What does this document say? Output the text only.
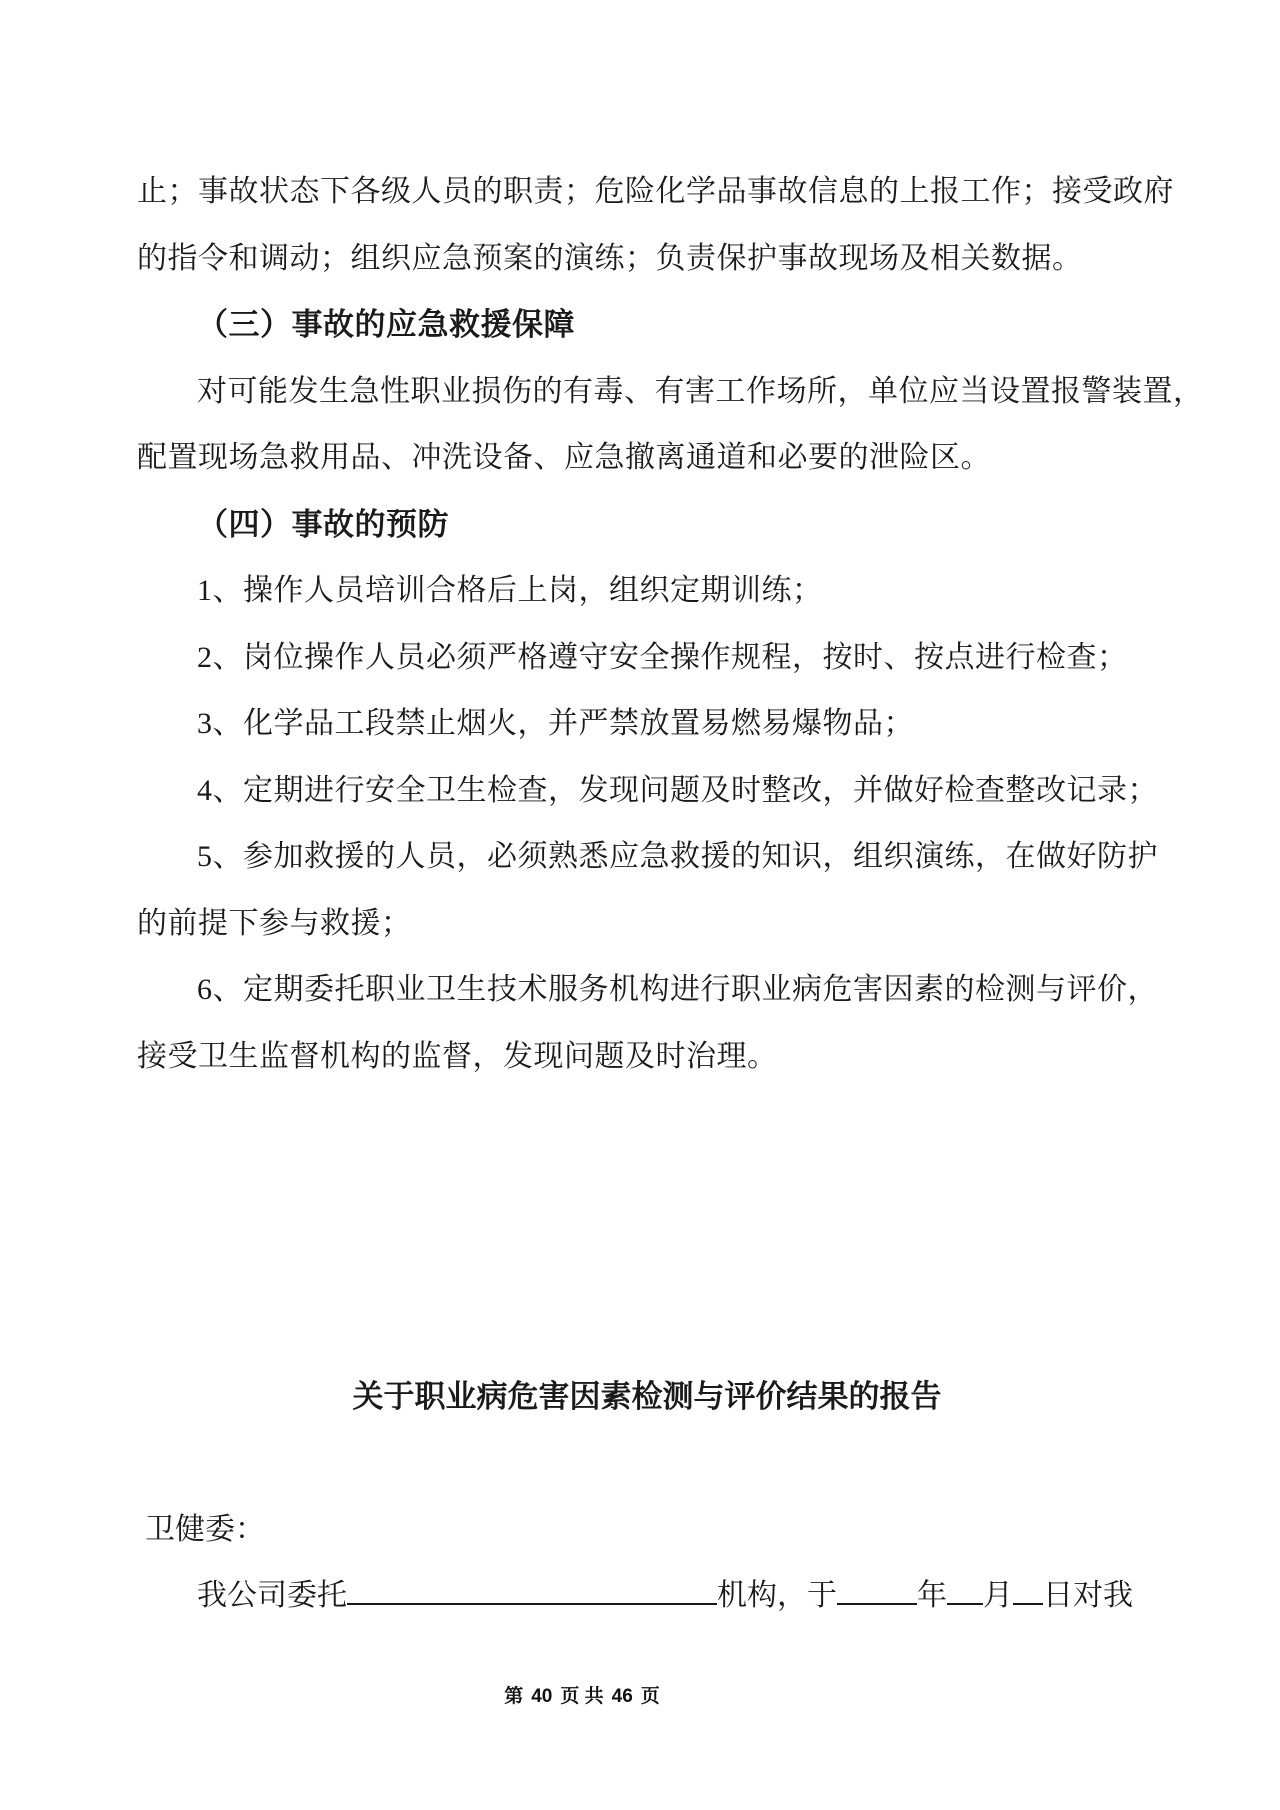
止；事故状态下各级人员的职责；危险化学品事故信息的上报工作；接受政府
的指令和调动；组织应急预案的演练；负责保护事故现场及相关数据。
（三）事故的应急救援保障
对可能发生急性职业损伤的有毒、有害工作场所，单位应当设置报警装置，
配置现场急救用品、冲洗设备、应急撤离通道和必要的泄险区。
（四）事故的预防
1、操作人员培训合格后上岗，组织定期训练；
2、岗位操作人员必须严格遵守安全操作规程，按时、按点进行检查；
3、化学品工段禁止烟火，并严禁放置易燃易爆物品；
4、定期进行安全卫生检查，发现问题及时整改，并做好检查整改记录；
5、参加救援的人员，必须熟悉应急救援的知识，组织演练，在做好防护
的前提下参与救援；
6、定期委托职业卫生技术服务机构进行职业病危害因素的检测与评价，
接受卫生监督机构的监督，发现问题及时治理。
关于职业病危害因素检测与评价结果的报告
卫健委：
我公司委托	机构，于	年 月 日对我
第 40 页 共 46 页
